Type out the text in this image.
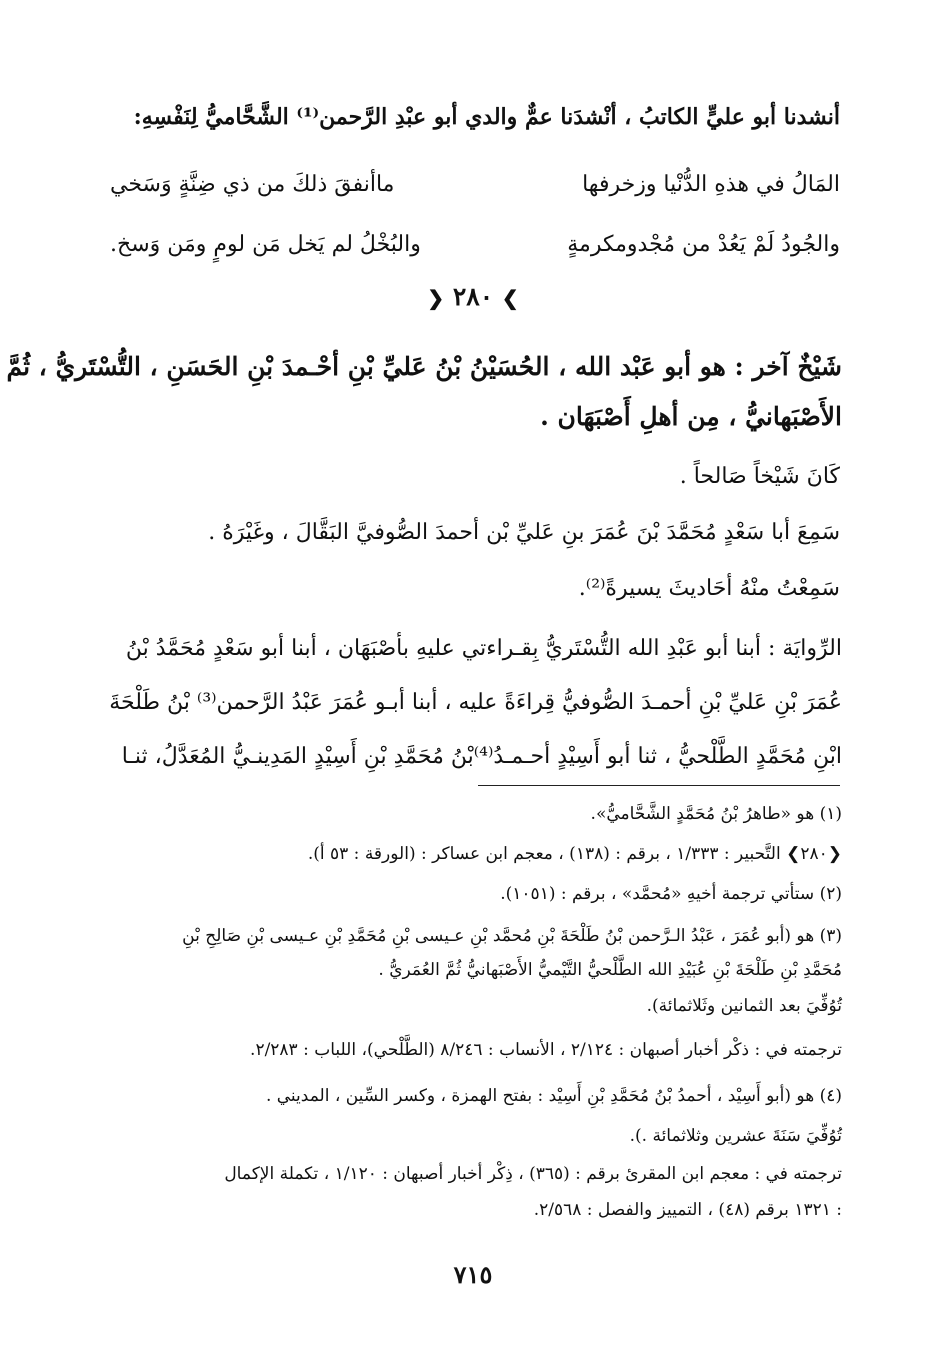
أنشدنا أبو عليٍّ الكاتبُ ، أنْشدَنا عمٌّ والدي أبو عبْدِ الرَّحمن⁽¹⁾ الشَّحَّاميُّ لِنَفْسِهِ:
المَالُ في هذهِ الدُّنْيا وزخرفها
ماأنفقَ ذلكَ من ذي ضِنَّةٍ وَسَخي
والجُودُ لَمْ يَعُدْ من مُجْدومكرمةٍ
والبُخْلُ لم يَخل مَن لومٍ ومَن وَسخ.
❯ ٢٨٠ ❮
شَيْخٌ آخر : هو أبو عَبْد الله ، الحُسَيْنُ بْنُ عَليِّ بْنِ أحْـمدَ بْنِ الحَسَنِ ، التُّسْتَريُّ ، ثُمَّ
الأَصْبَهانيُّ ، مِن أهلِ أَصْبَهَان .
كَانَ شَيْخاً صَالحاً .
سَمِعَ أبا سَعْدٍ مُحَمَّدَ بْنَ عُمَرَ بنِ عَليِّ بْن أحمدَ الصُّوفيَّ البَقَّالَ ، وغَيْرَهُ .
سَمِعْتُ منْهُ أحَاديثَ يسيرةً⁽²⁾.
الرِّوايَة : أبنا أبو عَبْدِ الله التُّسْتَريُّ بِقـراءتي عليهِ بأصْبَهَان ، أبنا أبو سَعْدٍ مُحَمَّدُ بْنُ
عُمَرَ بْنِ عَليِّ بْنِ أحمـدَ الصُّوفيُّ قِراءَةً عليه ، أبنا أبـو عُمَرَ عَبْدُ الرَّحمن⁽³⁾ بْنُ طَلْحَةَ
ابْنِ مُحَمَّدٍ الطَّلْحيُّ ، ثنا أبو أَسِيْدٍ أحـمـدُ⁽⁴⁾بْنُ مُحَمَّدِ بْنِ أَسِيْدٍ المَدِينـيُّ المُعَدَّلُ، ثنـا
(١) هو «طاهرُ بْنُ مُحَمَّدٍ الشَّحَّاميُّ».
❮٢٨٠❯ التَّحبير : ١/٣٣٣ ، برقم : (١٣٨) ، معجم ابن عساكر : (الورقة : ٥٣ أ).
(٢) ستأتي ترجمة أخيهِ «مُحمَّد» ، برقم : (١٠٥١).
(٣) هو (أبو عُمَرَ ، عَبْدُ الـرَّحمن بْنُ طَلْحَةَ بْنِ مُحمَّد بْنِ عـيسى بْنِ مُحَمَّدِ بْنِ عـيسى بْنِ صَالِحِ بْنِ
مُحَمَّدِ بْنِ طَلْحَةَ بْنِ عُبَيْدِ الله الطَّلْحيُّ التَّيْميُّ الأَصْبَهانيُّ ثُمَّ العُمَريُّ .
تُوُفِّيَ بعد الثمانين وثَلاثمائة).
ترجمته في : ذكْر أخبار أصبهان : ٢/١٢٤ ، الأنساب : ٨/٢٤٦ (الطَّلْحي)، اللباب : ٢/٢٨٣.
(٤) هو (أبو أَسِيْد ، أحمدُ بْنُ مُحَمَّدِ بْنِ أَسِيْد : بفتح الهمزة ، وكسر السِّين ، المديني .
تُوُفِّيَ سَنَةَ عشرين وثلاثمائة .).
ترجمته في : معجم ابن المقرئ برقم : (٣٦٥) ، ذِكْر أخبار أصبهان : ١/١٢٠ ، تكملة الإكمال
: ١٣٢١ برقم (٤٨) ، التمييز والفصل : ٢/٥٦٨.
٧١٥
